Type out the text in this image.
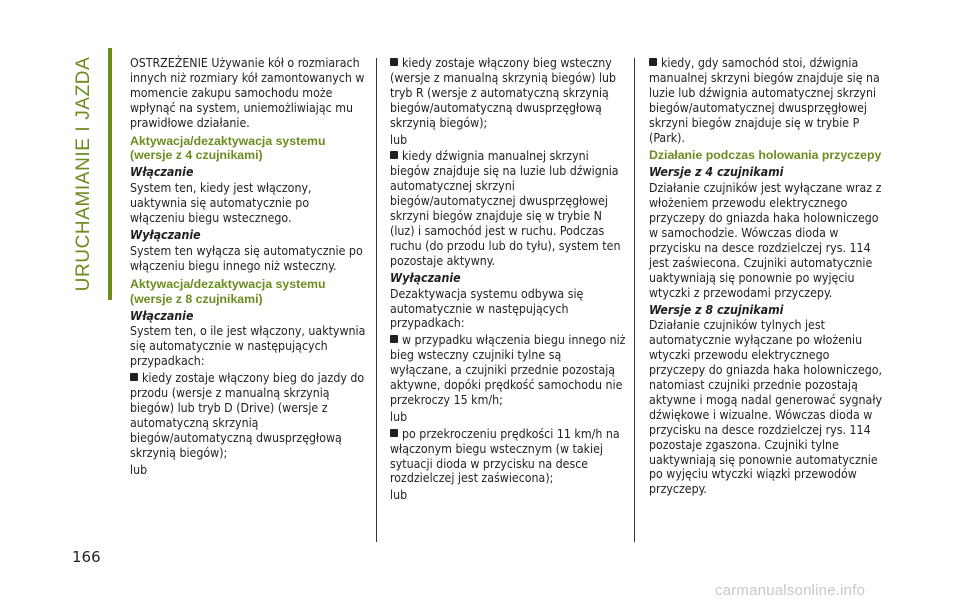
URUCHAMIANIE I JAZDA	OSTRZEŻENIE Używanie kół o rozmiarach innych niż rozmiary kół zamontowanych w momencie zakupu samochodu może wpłynąć na system, uniemożliwiając mu prawidłowe działanie.

Aktywacja/dezaktywacja systemu (wersje z 4 czujnikami)
Włączanie

System ten, kiedy jest włączony, uaktywnia się automatycznie po włączeniu biegu wstecznego.

Wyłączanie

System ten wyłącza się automatycznie po włączeniu biegu innego niż wsteczny.

Aktywacja/dezaktywacja systemu (wersje z 8 czujnikami)
Włączanie

System ten, o ile jest włączony, uaktywnia się automatycznie w następujących przypadkach:

kiedy zostaje włączony bieg do jazdy do przodu (wersje z manualną skrzynią biegów) lub tryb D (Drive) (wersje z automatyczną skrzynią biegów/automatyczną dwusprzęgłową skrzynią biegów);

lub

kiedy zostaje włączony bieg wsteczny (wersje z manualną skrzynią biegów) lub tryb R (wersje z automatyczną skrzynią biegów/automatyczną dwusprzęgłową skrzynią biegów);

lub

kiedy dźwignia manualnej skrzyni biegów znajduje się na luzie lub dźwignia automatycznej skrzyni biegów/automatycznej dwusprzęgłowej skrzyni biegów znajduje się w trybie N (luz) i samochód jest w ruchu. Podczas ruchu (do przodu lub do tyłu), system ten pozostaje aktywny.

Wyłączanie

Dezaktywacja systemu odbywa się automatycznie w następujących przypadkach:

w przypadku włączenia biegu innego niż bieg wsteczny czujniki tylne są wyłączane, a czujniki przednie pozostają aktywne, dopóki prędkość samochodu nie przekroczy 15 km/h;

lub

po przekroczeniu prędkości 11 km/h na włączonym biegu wstecznym (w takiej sytuacji dioda w przycisku na desce rozdzielczej jest zaświecona);

lub

kiedy, gdy samochód stoi, dźwignia manualnej skrzyni biegów znajduje się na luzie lub dźwignia automatycznej skrzyni biegów/automatycznej dwusprzęgłowej skrzyni biegów znajduje się w trybie P (Park).

Działanie podczas holowania przyczepy
Wersje z 4 czujnikami

Działanie czujników jest wyłączane wraz z włożeniem przewodu elektrycznego przyczepy do gniazda haka holowniczego w samochodzie. Wówczas dioda w przycisku na desce rozdzielczej rys. 114 jest zaświecona. Czujniki automatycznie uaktywniają się ponownie po wyjęciu wtyczki z przewodami przyczepy.

Wersje z 8 czujnikami

Działanie czujników tylnych jest automatycznie wyłączane po włożeniu wtyczki przewodu elektrycznego przyczepy do gniazda haka holowniczego, natomiast czujniki przednie pozostają aktywne i mogą nadal generować sygnały dźwiękowe i wizualne. Wówczas dioda w przycisku na desce rozdzielczej rys. 114 pozostaje zgaszona. Czujniki tylne uaktywniają się ponownie automatycznie po wyjęciu wtyczki wiązki przewodów przyczepy.

166
carmanualsonline.info
